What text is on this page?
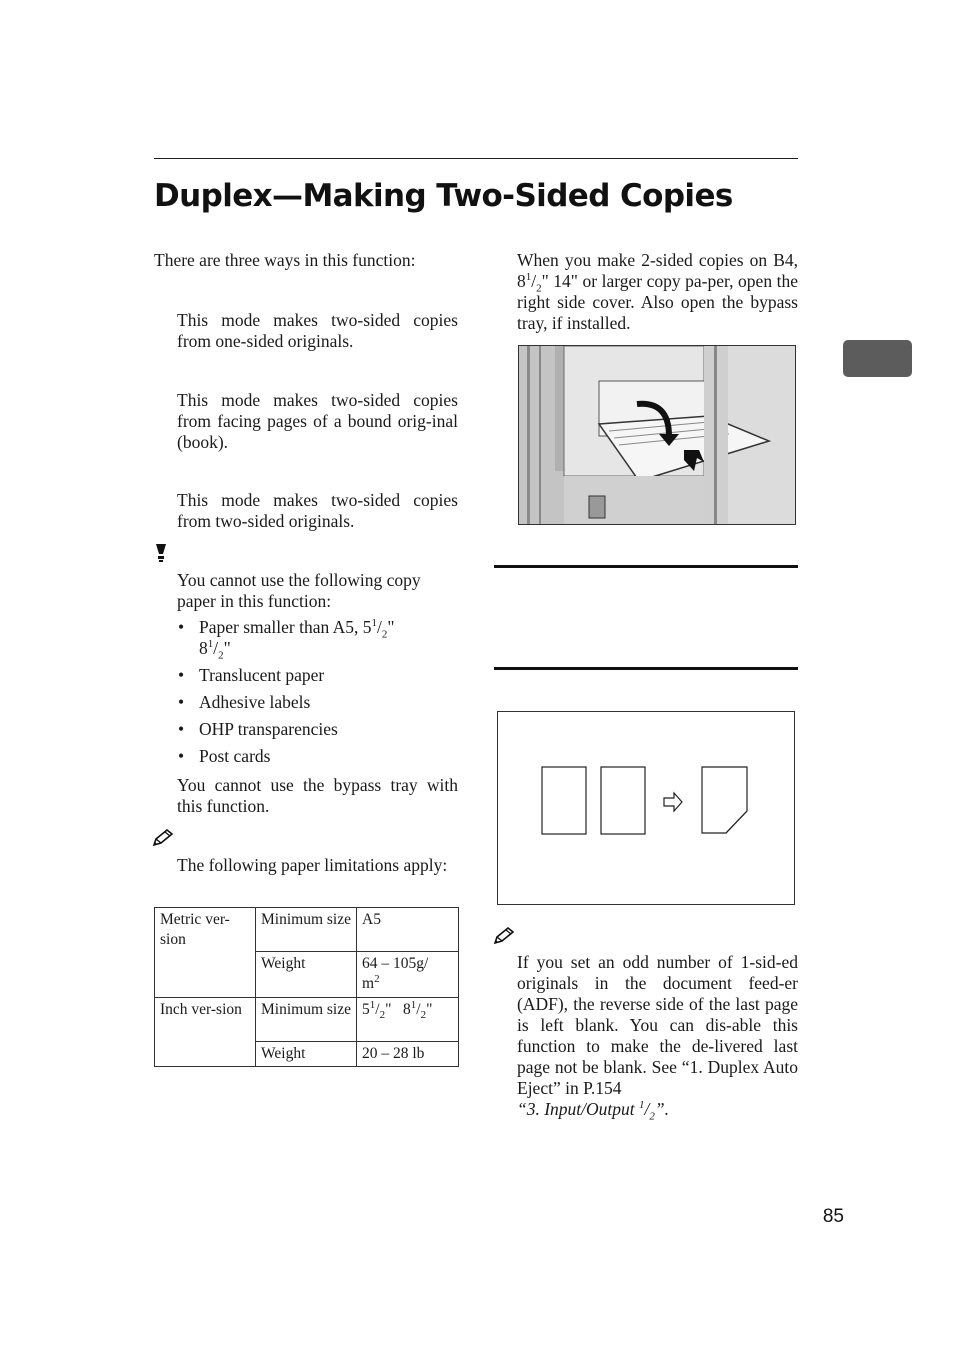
Duplex—Making Two-Sided Copies
There are three ways in this function:
This mode makes two-sided copies from one-sided originals.
This mode makes two-sided copies from facing pages of a bound orig-inal (book).
This mode makes two-sided copies from two-sided originals.
You cannot use the following copy paper in this function:
• Paper smaller than A5, $5^1/_2$"
$8^1/_2$"
• Translucent paper
• Adhesive labels
• OHP transparencies
• Post cards
You cannot use the bypass tray with this function.
The following paper limitations apply:
Metric ver-sion	Minimum size	A5
	Weight	64 – 105g/
$m^2$
Inch ver-sion	Minimum size	$5^1/_2$"   $8^1/_2$"
	Weight	20 – 28 lb
When you make 2-sided copies on B4, $8^1/_2$" 14" or larger copy pa-per, open the right side cover. Also open the bypass tray, if installed.
If you set an odd number of 1-sid-ed originals in the document feed-er (ADF), the reverse side of the last page is left blank. You can dis-able this function to make the de-livered last page not be blank. See “1. Duplex Auto Eject” in P.154
“3. Input/Output $^1/_2$”.
85
